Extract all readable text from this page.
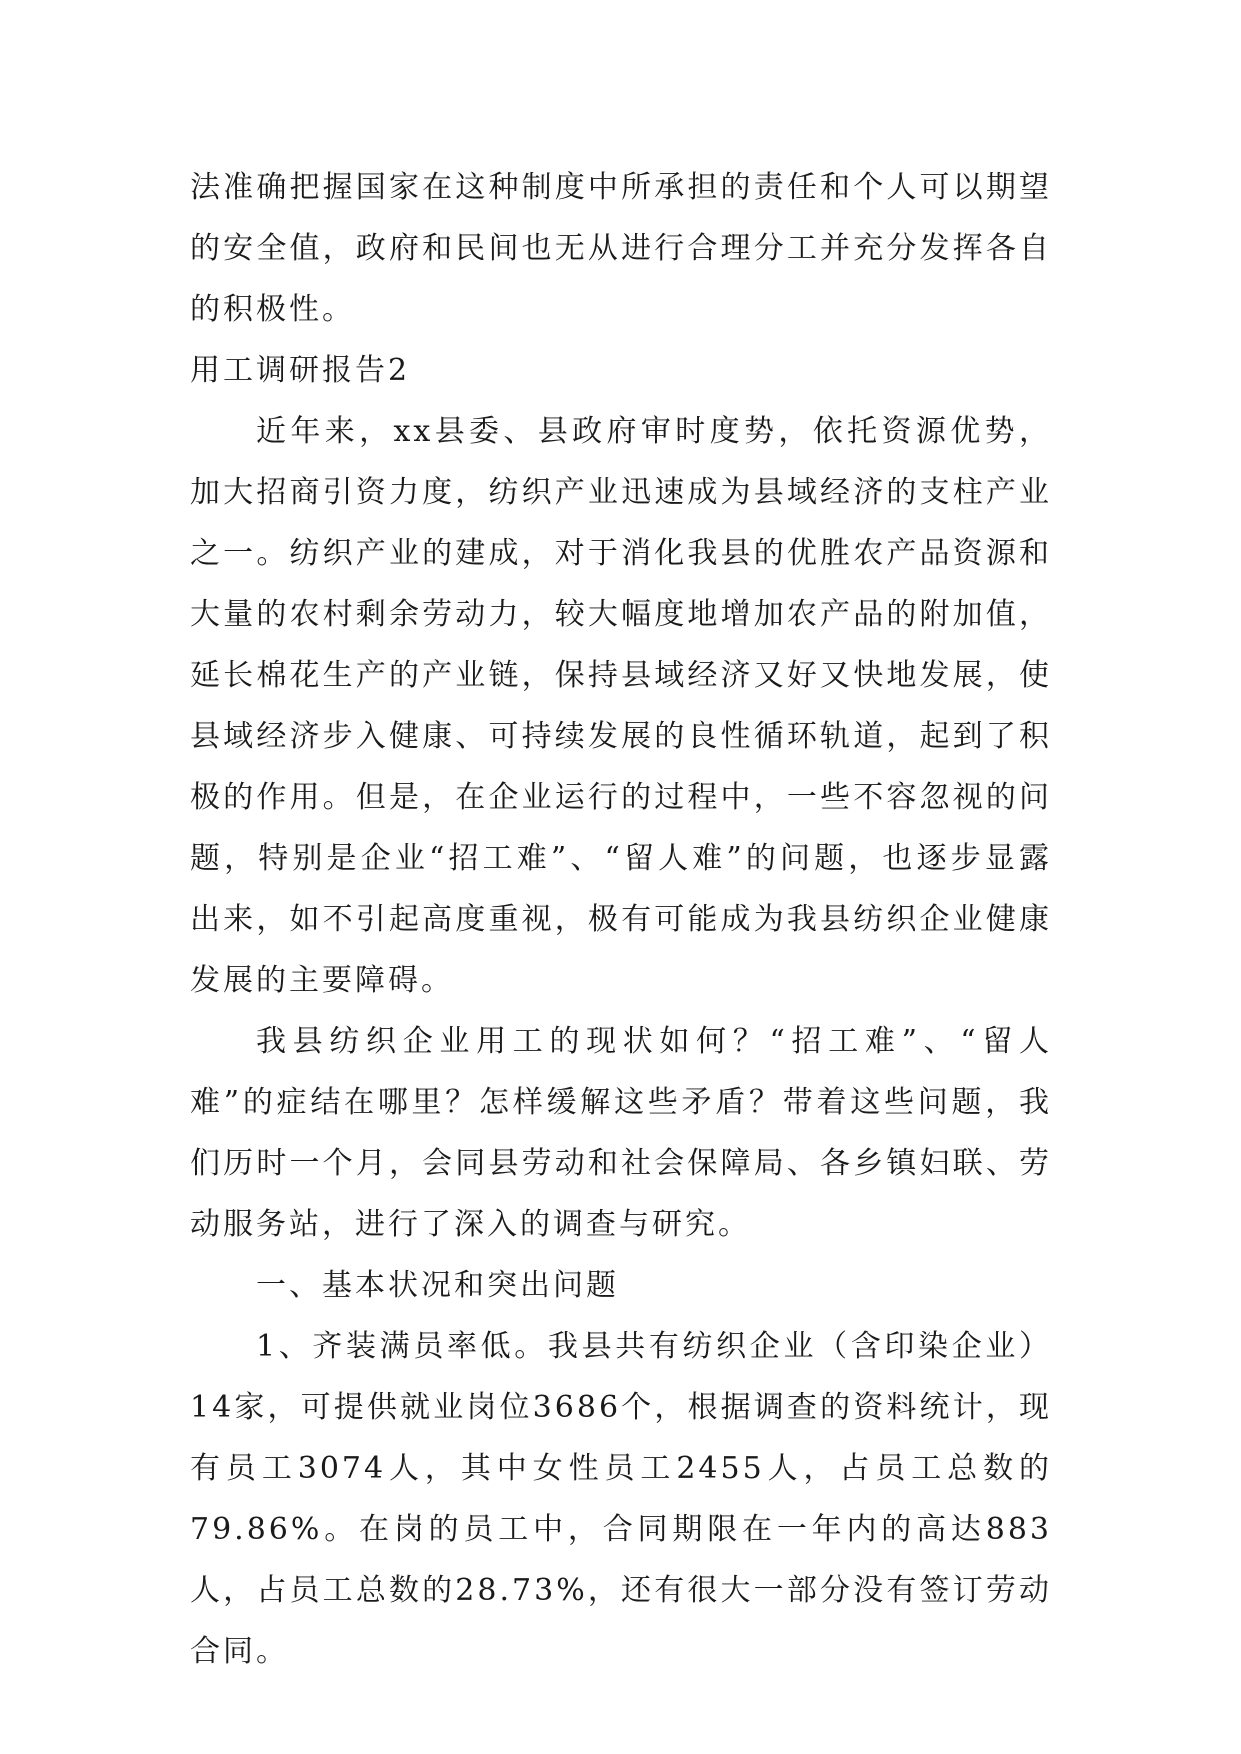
法准确把握国家在这种制度中所承担的责任和个人可以期望的安全值，政府和民间也无从进行合理分工并充分发挥各自的积极性。

用工调研报告2

近年来，xx县委、县政府审时度势，依托资源优势，加大招商引资力度，纺织产业迅速成为县域经济的支柱产业之一。纺织产业的建成，对于消化我县的优胜农产品资源和大量的农村剩余劳动力，较大幅度地增加农产品的附加值，延长棉花生产的产业链，保持县域经济又好又快地发展，使县域经济步入健康、可持续发展的良性循环轨道，起到了积极的作用。但是，在企业运行的过程中，一些不容忽视的问题，特别是企业“招工难”、“留人难”的问题，也逐步显露出来，如不引起高度重视，极有可能成为我县纺织企业健康发展的主要障碍。

我县纺织企业用工的现状如何？“招工难”、“留人难”的症结在哪里？怎样缓解这些矛盾？带着这些问题，我们历时一个月，会同县劳动和社会保障局、各乡镇妇联、劳动服务站，进行了深入的调查与研究。

一、基本状况和突出问题

1、齐装满员率低。我县共有纺织企业（含印染企业）14家，可提供就业岗位3686个，根据调查的资料统计，现有员工3074人，其中女性员工2455人，占员工总数的79.86%。在岗的员工中，合同期限在一年内的高达883人，占员工总数的28.73%，还有很大一部分没有签订劳动合同。
